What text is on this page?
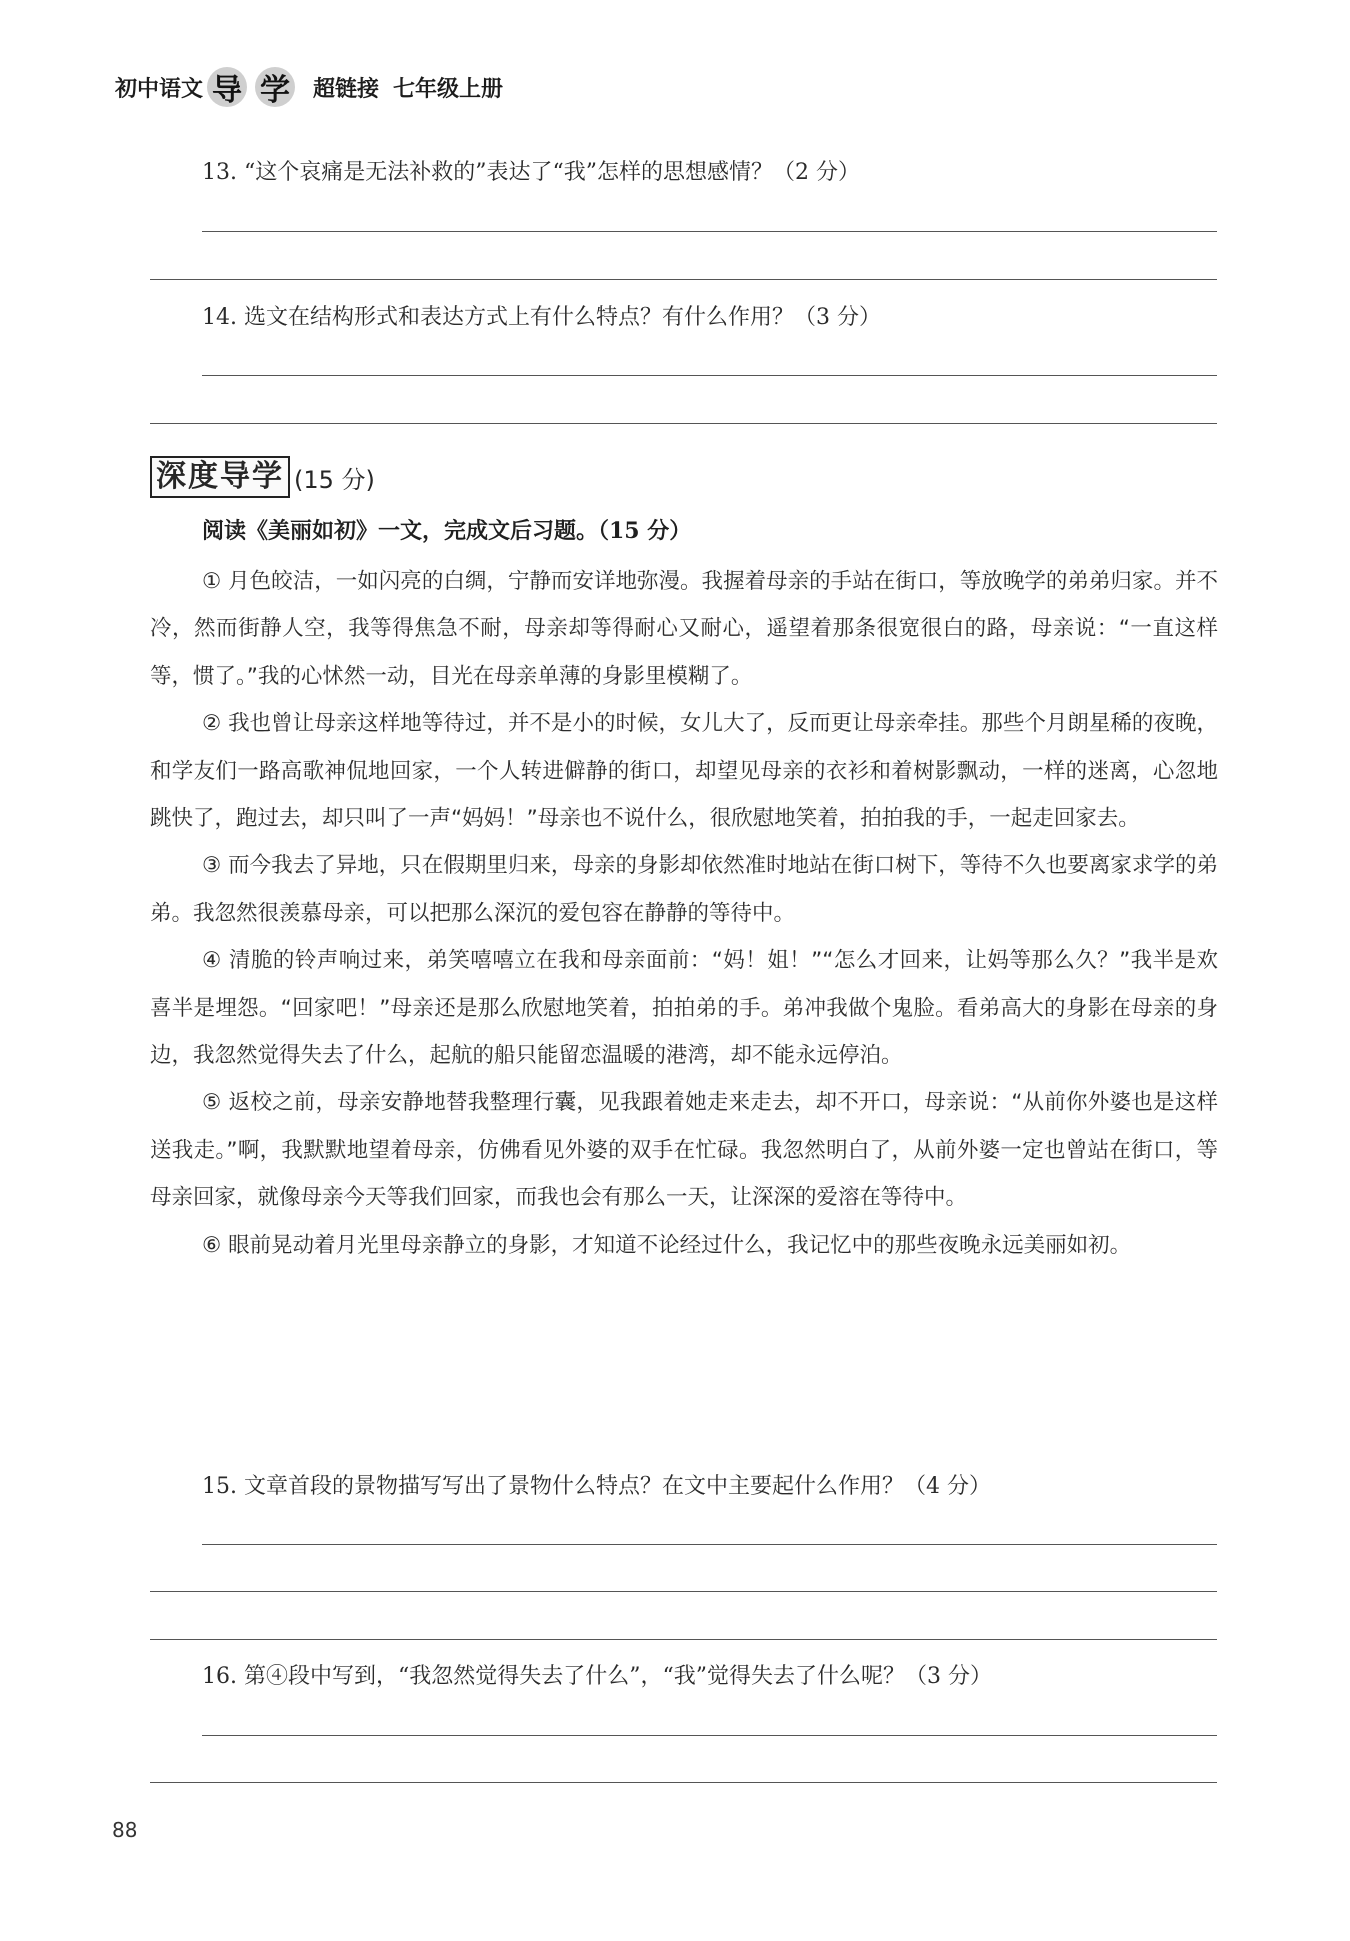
初中语文 导 学 超链接 七年级上册
13. “这个哀痛是无法补救的”表达了“我”怎样的思想感情？（2 分）
14. 选文在结构形式和表达方式上有什么特点？有什么作用？（3 分）
深度导学 (15 分)
阅读《美丽如初》一文，完成文后习题。（15 分）

① 月色皎洁，一如闪亮的白绸，宁静而安详地弥漫。我握着母亲的手站在街口，等放晚学的弟弟归家。并不冷，然而街静人空，我等得焦急不耐，母亲却等得耐心又耐心，遥望着那条很宽很白的路，母亲说：“一直这样等，惯了。”我的心怵然一动，目光在母亲单薄的身影里模糊了。

② 我也曾让母亲这样地等待过，并不是小的时候，女儿大了，反而更让母亲牵挂。那些个月朗星稀的夜晚，和学友们一路高歌神侃地回家，一个人转进僻静的街口，却望见母亲的衣衫和着树影飘动，一样的迷离，心忽地跳快了，跑过去，却只叫了一声“妈妈！”母亲也不说什么，很欣慰地笑着，拍拍我的手，一起走回家去。

③ 而今我去了异地，只在假期里归来，母亲的身影却依然准时地站在街口树下，等待不久也要离家求学的弟弟。我忽然很羡慕母亲，可以把那么深沉的爱包容在静静的等待中。

④ 清脆的铃声响过来，弟笑嘻嘻立在我和母亲面前：“妈！姐！”“怎么才回来，让妈等那么久？”我半是欢喜半是埋怨。“回家吧！”母亲还是那么欣慰地笑着，拍拍弟的手。弟冲我做个鬼脸。看弟高大的身影在母亲的身边，我忽然觉得失去了什么，起航的船只能留恋温暖的港湾，却不能永远停泊。

⑤ 返校之前，母亲安静地替我整理行囊，见我跟着她走来走去，却不开口，母亲说：“从前你外婆也是这样送我走。”啊，我默默地望着母亲，仿佛看见外婆的双手在忙碌。我忽然明白了，从前外婆一定也曾站在街口，等母亲回家，就像母亲今天等我们回家，而我也会有那么一天，让深深的爱溶在等待中。

⑥ 眼前晃动着月光里母亲静立的身影，才知道不论经过什么，我记忆中的那些夜晚永远美丽如初。

15. 文章首段的景物描写写出了景物什么特点？在文中主要起什么作用？（4 分）
16. 第④段中写到，“我忽然觉得失去了什么”，“我”觉得失去了什么呢？（3 分）
88
